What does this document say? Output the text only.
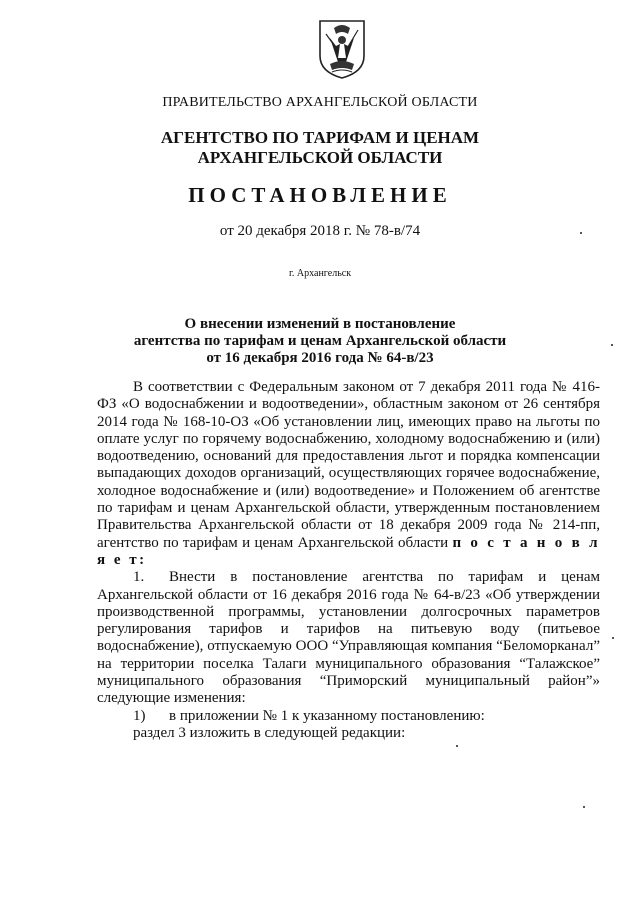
ПРАВИТЕЛЬСТВО АРХАНГЕЛЬСКОЙ ОБЛАСТИ
АГЕНТСТВО ПО ТАРИФАМ И ЦЕНАМ
АРХАНГЕЛЬСКОЙ ОБЛАСТИ
ПОСТАНОВЛЕНИЕ
от 20 декабря 2018 г. № 78-в/74
г. Архангельск
О внесении изменений в постановление
агентства по тарифам и ценам Архангельской области
от 16 декабря 2016 года № 64-в/23

В соответствии с Федеральным законом от 7 декабря 2011 года № 416-ФЗ «О водоснабжении и водоотведении», областным законом от 26 сентября 2014 года № 168-10-ОЗ «Об установлении лиц, имеющих право на льготы по оплате услуг по горячему водоснабжению, холодному водоснабжению и (или) водоотведению, оснований для предоставления льгот и порядка компенсации выпадающих доходов организаций, осуществляющих горячее водоснабжение, холодное водоснабжение и (или) водоотведение» и Положением об агентстве по тарифам и ценам Архангельской области, утвержденным постановлением Правительства Архангельской области от 18 декабря 2009 года № 214-пп, агентство по тарифам и ценам Архангельской области п о с т а н о в л я е т:

1. Внести в постановление агентства по тарифам и ценам Архангельской области от 16 декабря 2016 года № 64-в/23 «Об утверждении производственной программы, установлении долгосрочных параметров регулирования тарифов и тарифов на питьевую воду (питьевое водоснабжение), отпускаемую ООО “Управляющая компания “Беломорканал” на территории поселка Талаги муниципального образования “Талажское” муниципального образования “Приморский муниципальный район”» следующие изменения:

1) в приложении № 1 к указанному постановлению:

раздел 3 изложить в следующей редакции:
